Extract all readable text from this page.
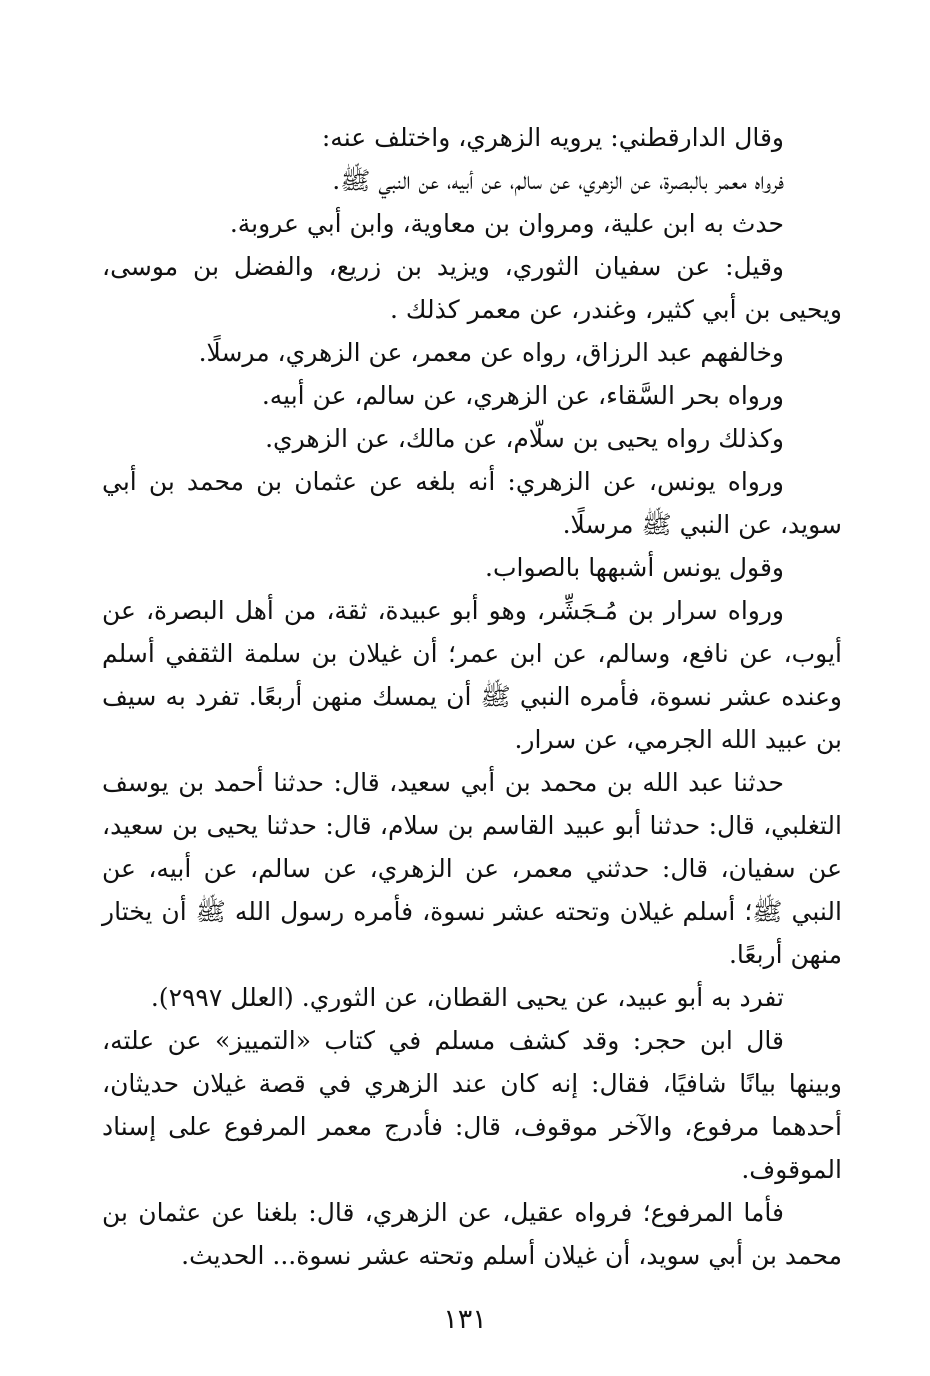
وقال الدارقطني: يرويه الزهري، واختلف عنه:

فرواه معمر بالبصرة، عن الزهري، عن سالم، عن أبيه، عن النبي ﷺ.

حدث به ابن علية، ومروان بن معاوية، وابن أبي عروبة.

وقيل: عن سفيان الثوري، ويزيد بن زريع، والفضل بن موسى، ويحيى بن أبي كثير، وغندر، عن معمر كذلك .

وخالفهم عبد الرزاق، رواه عن معمر، عن الزهري، مرسلًا.

ورواه بحر السَّقاء، عن الزهري، عن سالم، عن أبيه.

وكذلك رواه يحيى بن سلّام، عن مالك، عن الزهري.

ورواه يونس، عن الزهري: أنه بلغه عن عثمان بن محمد بن أبي سويد، عن النبي ﷺ مرسلًا.

وقول يونس أشبهها بالصواب.

ورواه سرار بن مُـجَشِّر، وهو أبو عبيدة، ثقة، من أهل البصرة، عن أيوب، عن نافع، وسالم، عن ابن عمر؛ أن غيلان بن سلمة الثقفي أسلم وعنده عشر نسوة، فأمره النبي ﷺ أن يمسك منهن أربعًا. تفرد به سيف بن عبيد الله الجرمي، عن سرار.

حدثنا عبد الله بن محمد بن أبي سعيد، قال: حدثنا أحمد بن يوسف التغلبي، قال: حدثنا أبو عبيد القاسم بن سلام، قال: حدثنا يحيى بن سعيد، عن سفيان، قال: حدثني معمر، عن الزهري، عن سالم، عن أبيه، عن النبي ﷺ؛ أسلم غيلان وتحته عشر نسوة، فأمره رسول الله ﷺ أن يختار منهن أربعًا.

تفرد به أبو عبيد، عن يحيى القطان، عن الثوري. (العلل ٢٩٩٧).

قال ابن حجر: وقد كشف مسلم في كتاب «التمييز» عن علته، وبينها بيانًا شافيًا، فقال: إنه كان عند الزهري في قصة غيلان حديثان، أحدهما مرفوع، والآخر موقوف، قال: فأدرج معمر المرفوع على إسناد الموقوف.

فأما المرفوع؛ فرواه عقيل، عن الزهري، قال: بلغنا عن عثمان بن محمد بن أبي سويد، أن غيلان أسلم وتحته عشر نسوة... الحديث.

١٣١
